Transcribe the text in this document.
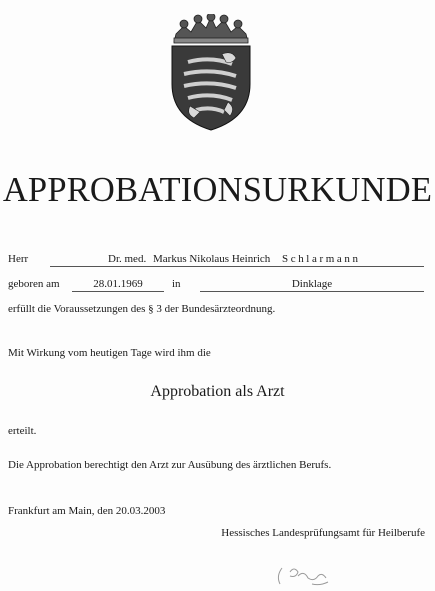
APPROBATIONSURKUNDE
Herr	Dr. med. Markus Nikolaus Heinrich Schlarmann
geboren am	28.01.1969	in	Dinklage
erfüllt die Voraussetzungen des § 3 der Bundesärzteordnung.
Mit Wirkung vom heutigen Tage wird ihm die
Approbation als Arzt
erteilt.
Die Approbation berechtigt den Arzt zur Ausübung des ärztlichen Berufs.
Frankfurt am Main, den 20.03.2003
Hessisches Landesprüfungsamt für Heilberufe
